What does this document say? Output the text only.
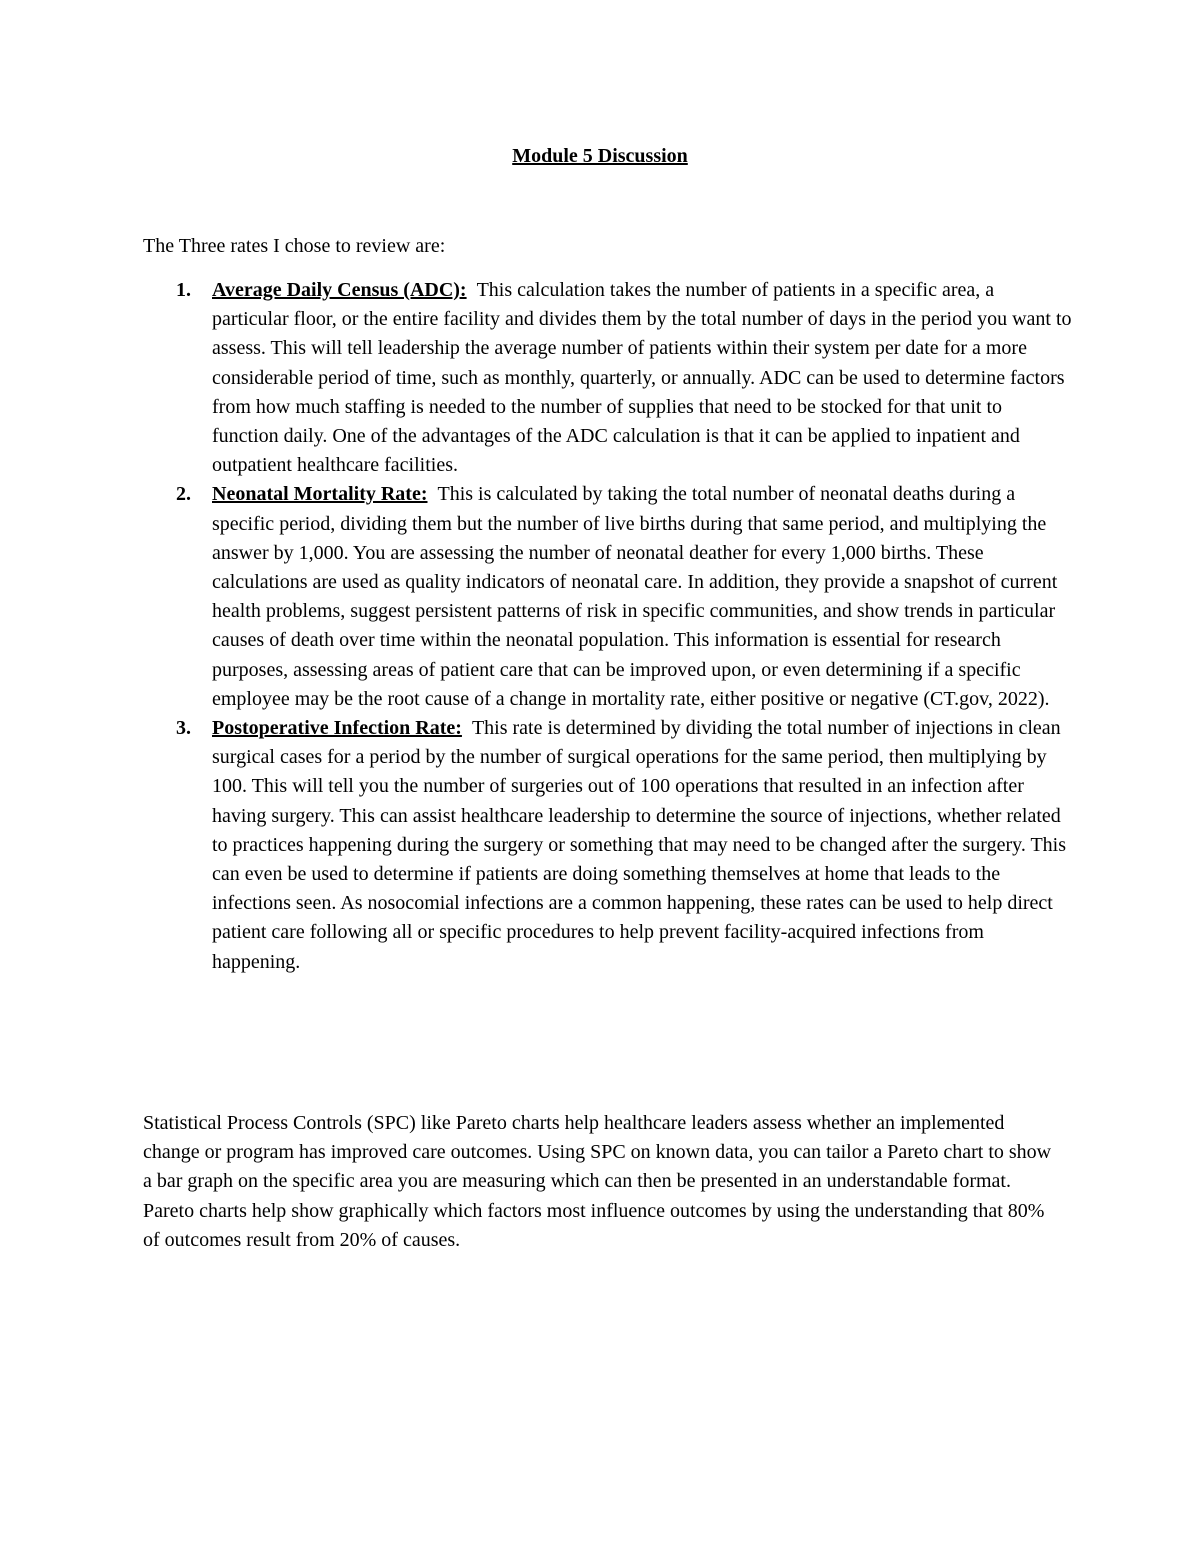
Module 5 Discussion

The Three rates I chose to review are:

1. Average Daily Census (ADC): This calculation takes the number of patients in a specific area, a particular floor, or the entire facility and divides them by the total number of days in the period you want to assess. This will tell leadership the average number of patients within their system per date for a more considerable period of time, such as monthly, quarterly, or annually. ADC can be used to determine factors from how much staffing is needed to the number of supplies that need to be stocked for that unit to function daily. One of the advantages of the ADC calculation is that it can be applied to inpatient and outpatient healthcare facilities.
2. Neonatal Mortality Rate: This is calculated by taking the total number of neonatal deaths during a specific period, dividing them but the number of live births during that same period, and multiplying the answer by 1,000. You are assessing the number of neonatal deather for every 1,000 births. These calculations are used as quality indicators of neonatal care. In addition, they provide a snapshot of current health problems, suggest persistent patterns of risk in specific communities, and show trends in particular causes of death over time within the neonatal population. This information is essential for research purposes, assessing areas of patient care that can be improved upon, or even determining if a specific employee may be the root cause of a change in mortality rate, either positive or negative (CT.gov, 2022).
3. Postoperative Infection Rate: This rate is determined by dividing the total number of injections in clean surgical cases for a period by the number of surgical operations for the same period, then multiplying by 100. This will tell you the number of surgeries out of 100 operations that resulted in an infection after having surgery. This can assist healthcare leadership to determine the source of injections, whether related to practices happening during the surgery or something that may need to be changed after the surgery. This can even be used to determine if patients are doing something themselves at home that leads to the infections seen. As nosocomial infections are a common happening, these rates can be used to help direct patient care following all or specific procedures to help prevent facility-acquired infections from happening.

Statistical Process Controls (SPC) like Pareto charts help healthcare leaders assess whether an implemented change or program has improved care outcomes. Using SPC on known data, you can tailor a Pareto chart to show a bar graph on the specific area you are measuring which can then be presented in an understandable format. Pareto charts help show graphically which factors most influence outcomes by using the understanding that 80% of outcomes result from 20% of causes.
